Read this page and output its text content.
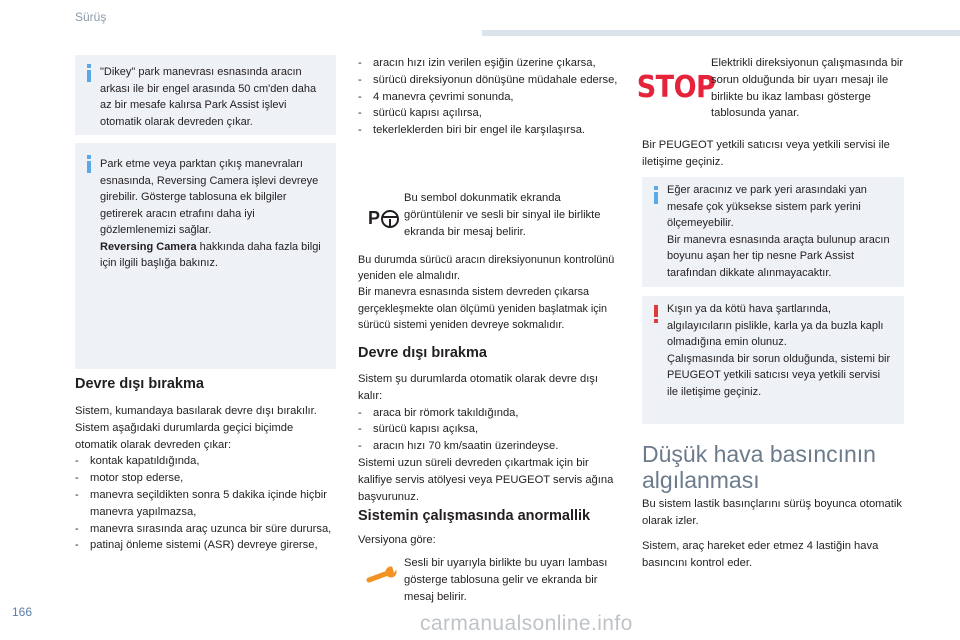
Sürüş
"Dikey" park manevrası esnasında aracın arkası ile bir engel arasında 50 cm'den daha az bir mesafe kalırsa Park Assist işlevi otomatik olarak devreden çıkar.
Park etme veya parktan çıkış manevraları esnasında, Reversing Camera işlevi devreye girebilir. Gösterge tablosuna ek bilgiler getirerek aracın etrafını daha iyi gözlemlenemizi sağlar.
Reversing Camera hakkında daha fazla bilgi için ilgili başlığa bakınız.
Devre dışı bırakma
Sistem, kumandaya basılarak devre dışı bırakılır.
Sistem aşağıdaki durumlarda geçici biçimde otomatik olarak devreden çıkar:
- kontak kapatıldığında,
- motor stop ederse,
- manevra seçildikten sonra 5 dakika içinde hiçbir manevra yapılmazsa,
- manevra sırasında araç uzunca bir süre durursa,
- patinaj önleme sistemi (ASR) devreye girerse,
- aracın hızı izin verilen eşiğin üzerine çıkarsa,
- sürücü direksiyonun dönüşüne müdahale ederse,
- 4 manevra çevrimi sonunda,
- sürücü kapısı açılırsa,
- tekerleklerden biri bir engel ile karşılaşırsa.
P
Bu sembol dokunmatik ekranda görüntülenir ve sesli bir sinyal ile birlikte ekranda bir mesaj belirir.
Bu durumda sürücü aracın direksiyonunun kontrolünü yeniden ele almalıdır.
Bir manevra esnasında sistem devreden çıkarsa gerçekleşmekte olan ölçümü yeniden başlatmak için sürücü sistemi yeniden devreye sokmalıdır.
Devre dışı bırakma
Sistem şu durumlarda otomatik olarak devre dışı kalır:
- araca bir römork takıldığında,
- sürücü kapısı açıksa,
- aracın hızı 70 km/saatin üzerindeyse.
Sistemi uzun süreli devreden çıkartmak için bir kalifiye servis atölyesi veya PEUGEOT servis ağına başvurunuz.
Sistemin çalışmasında anormallik
Versiyona göre:
Sesli bir uyarıyla birlikte bu uyarı lambası gösterge tablosuna gelir ve ekranda bir mesaj belirir.
STOP
Elektrikli direksiyonun çalışmasında bir sorun olduğunda bir uyarı mesajı ile birlikte bu ikaz lambası gösterge tablosunda yanar.
Bir PEUGEOT yetkili satıcısı veya yetkili servisi ile iletişime geçiniz.
Eğer aracınız ve park yeri arasındaki yan mesafe çok yüksekse sistem park yerini ölçemeyebilir.
Bir manevra esnasında araçta bulunup aracın boyunu aşan her tip nesne Park Assist tarafından dikkate alınmayacaktır.
Kışın ya da kötü hava şartlarında, algılayıcıların pislikle, karla ya da buzla kaplı olmadığına emin olunuz.
Çalışmasında bir sorun olduğunda, sistemi bir PEUGEOT yetkili satıcısı veya yetkili servisi ile iletişime geçiniz.
Düşük hava basıncının algılanması
Bu sistem lastik basınçlarını sürüş boyunca otomatik olarak izler.
Sistem, araç hareket eder etmez 4 lastiğin hava basıncını kontrol eder.
166	carmanualsonline.info
